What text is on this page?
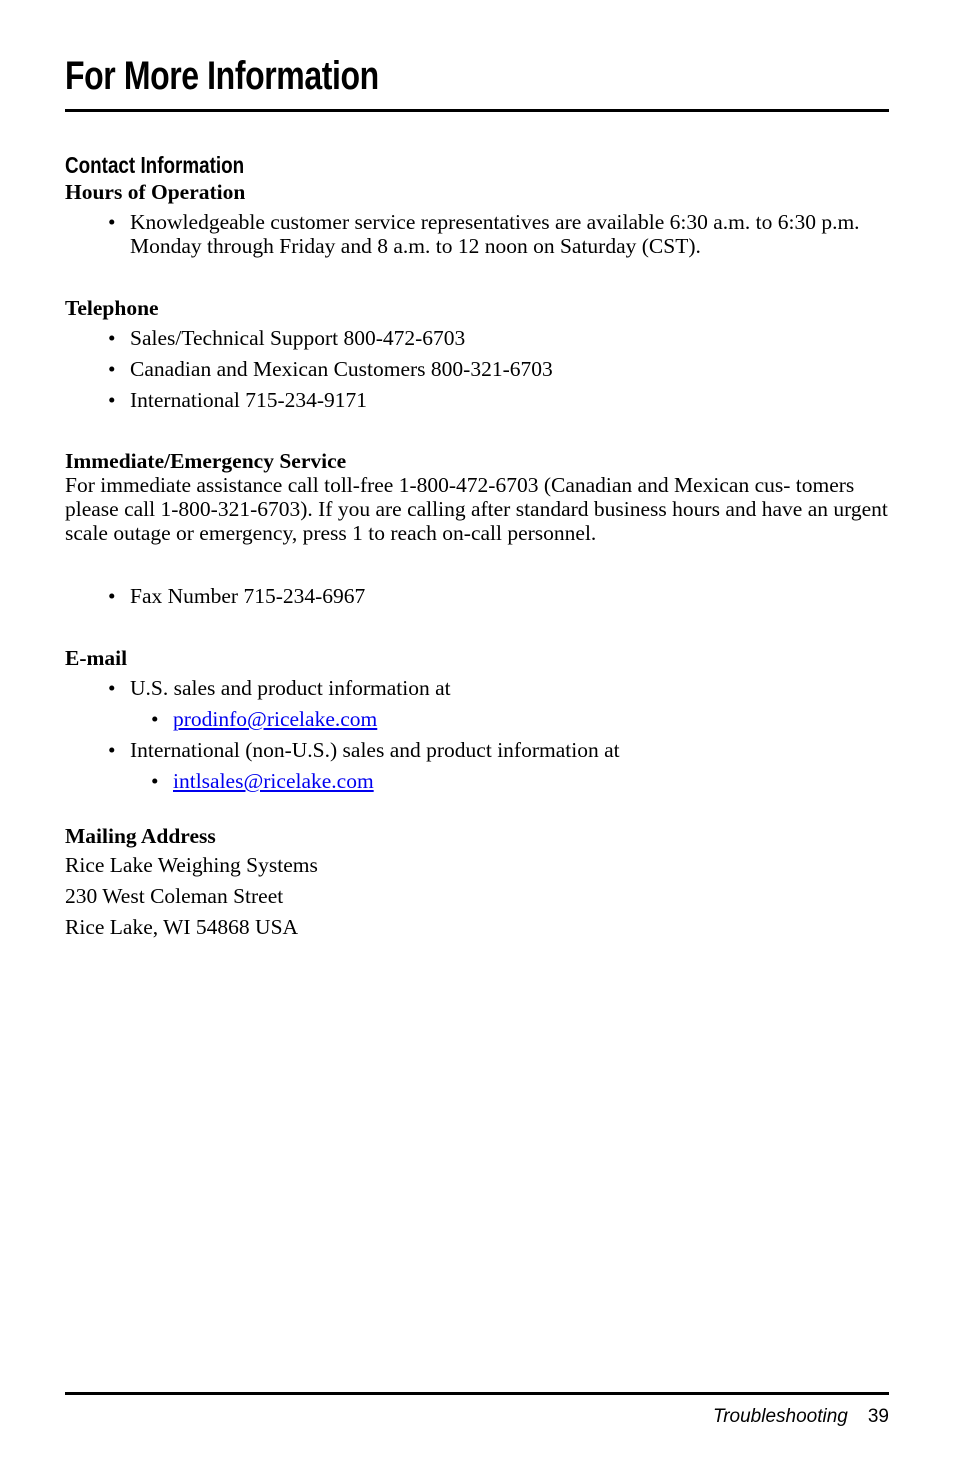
For More Information
Contact Information

Hours of Operation

• Knowledgeable customer service representatives are available 6:30 a.m. to 6:30 p.m. Monday through Friday and 8 a.m. to 12 noon on Saturday (CST).

Telephone

• Sales/Technical Support 800-472-6703
• Canadian and Mexican Customers 800-321-6703
• International 715-234-9171

Immediate/Emergency Service

For immediate assistance call toll-free 1-800-472-6703 (Canadian and Mexican cus- tomers please call 1-800-321-6703). If you are calling after standard business hours and have an urgent scale outage or emergency, press 1 to reach on-call personnel.

• Fax Number 715-234-6967

E-mail

• U.S. sales and product information at
• prodinfo@ricelake.com
• International (non-U.S.) sales and product information at
• intlsales@ricelake.com

Mailing Address

Rice Lake Weighing Systems

230 West Coleman Street

Rice Lake, WI 54868 USA

Troubleshooting 39
